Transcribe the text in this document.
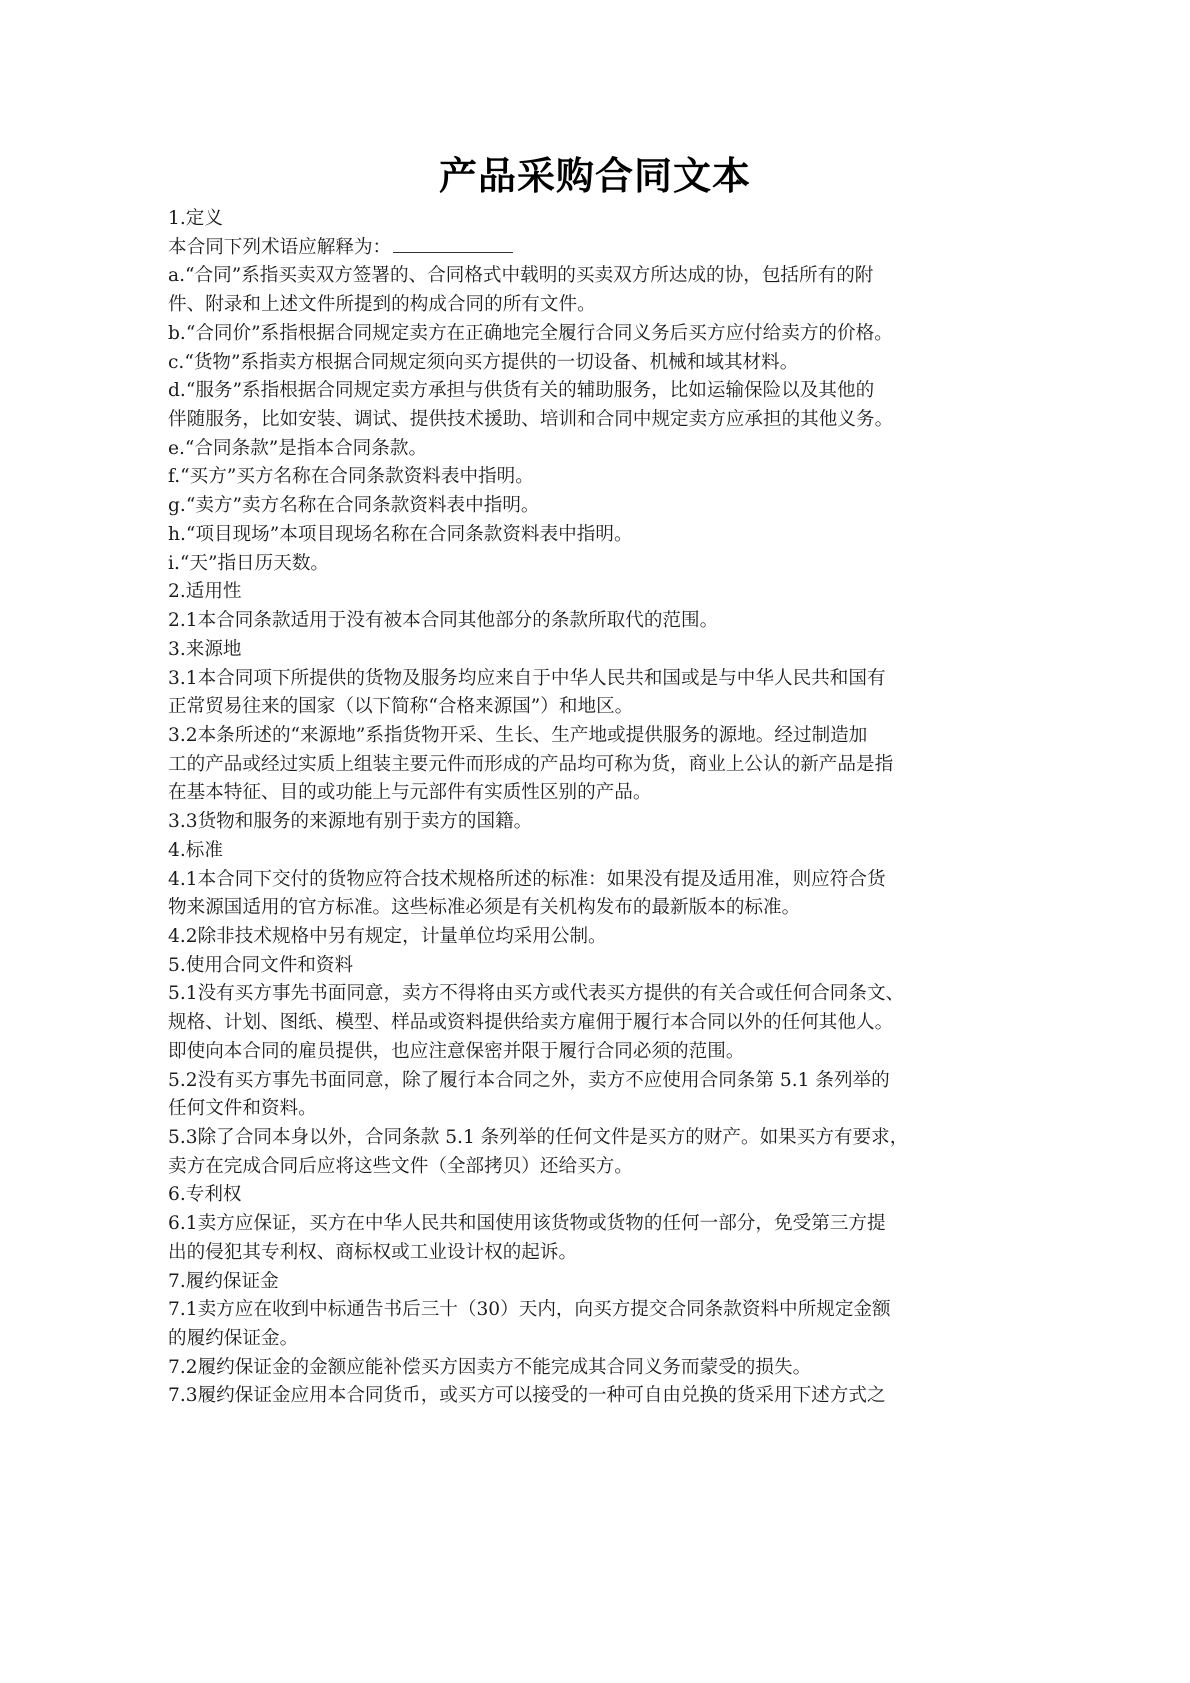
产品采购合同文本
1.定义
本合同下列术语应解释为：
a.“合同”系指买卖双方签署的、合同格式中载明的买卖双方所达成的协，包括所有的附
件、附录和上述文件所提到的构成合同的所有文件。
b.“合同价”系指根据合同规定卖方在正确地完全履行合同义务后买方应付给卖方的价格。
c.“货物”系指卖方根据合同规定须向买方提供的一切设备、机械和域其材料。
d.“服务”系指根据合同规定卖方承担与供货有关的辅助服务，比如运输保险以及其他的
伴随服务，比如安装、调试、提供技术援助、培训和合同中规定卖方应承担的其他义务。
e.“合同条款”是指本合同条款。
f.“买方”买方名称在合同条款资料表中指明。
g.“卖方”卖方名称在合同条款资料表中指明。
h.“项目现场”本项目现场名称在合同条款资料表中指明。
i.“天”指日历天数。
2.适用性
2.1本合同条款适用于没有被本合同其他部分的条款所取代的范围。
3.来源地
3.1本合同项下所提供的货物及服务均应来自于中华人民共和国或是与中华人民共和国有
正常贸易往来的国家（以下简称“合格来源国”）和地区。
3.2本条所述的“来源地”系指货物开采、生长、生产地或提供服务的源地。经过制造加
工的产品或经过实质上组装主要元件而形成的产品均可称为货，商业上公认的新产品是指
在基本特征、目的或功能上与元部件有实质性区别的产品。
3.3货物和服务的来源地有别于卖方的国籍。
4.标准
4.1本合同下交付的货物应符合技术规格所述的标准：如果没有提及适用准，则应符合货
物来源国适用的官方标准。这些标准必须是有关机构发布的最新版本的标准。
4.2除非技术规格中另有规定，计量单位均采用公制。
5.使用合同文件和资料
5.1没有买方事先书面同意，卖方不得将由买方或代表买方提供的有关合或任何合同条文、
规格、计划、图纸、模型、样品或资料提供给卖方雇佣于履行本合同以外的任何其他人。
即使向本合同的雇员提供，也应注意保密并限于履行合同必须的范围。
5.2没有买方事先书面同意，除了履行本合同之外，卖方不应使用合同条第 5.1 条列举的
任何文件和资料。
5.3除了合同本身以外，合同条款 5.1 条列举的任何文件是买方的财产。如果买方有要求，
卖方在完成合同后应将这些文件（全部拷贝）还给买方。
6.专利权
6.1卖方应保证，买方在中华人民共和国使用该货物或货物的任何一部分，免受第三方提
出的侵犯其专利权、商标权或工业设计权的起诉。
7.履约保证金
7.1卖方应在收到中标通告书后三十（30）天内，向买方提交合同条款资料中所规定金额
的履约保证金。
7.2履约保证金的金额应能补偿买方因卖方不能完成其合同义务而蒙受的损失。
7.3履约保证金应用本合同货币，或买方可以接受的一种可自由兑换的货采用下述方式之
